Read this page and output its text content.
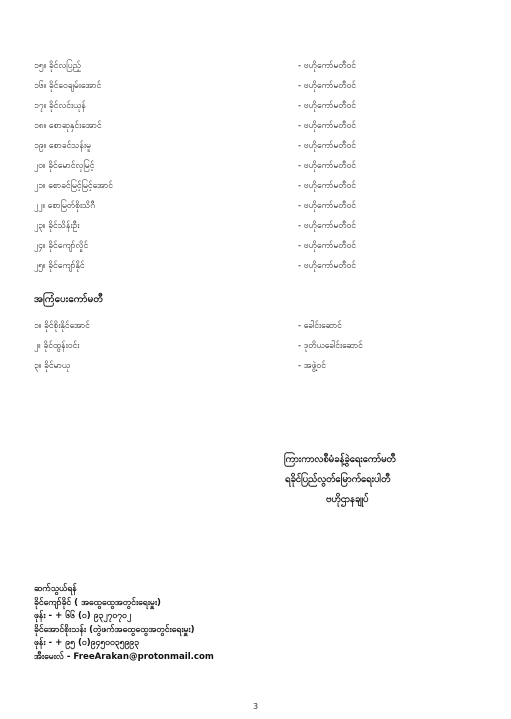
၁၅။ ခိုင်လပြည့်	- ဗဟိုကော်မတီဝင်
၁၆။ ခိုင်ဝေချမ်းအောင်	- ဗဟိုကော်မတီဝင်
၁၇။ ခိုင်လင်းယုန်	- ဗဟိုကော်မတီဝင်
၁၈။ စောဆုနှင်းအောင်	- ဗဟိုကော်မတီဝင်
၁၉။ စောခင်သန်းမူ	- ဗဟိုကော်မတီဝင်
၂၀။ ခိုင်မောင်လှမြင့်	- ဗဟိုကော်မတီဝင်
၂၁။ စောခင်မြင့်မြင့်အောင်	- ဗဟိုကော်မတီဝင်
၂၂။ စောမြတ်စိုးသိဂီ	- ဗဟိုကော်မတီဝင်
၂၃။ ခိုင်သိန်းဦး	- ဗဟိုကော်မတီဝင်
၂၄။ ခိုင်ကျော်လှိုင်	- ဗဟိုကော်မတီဝင်
၂၅။ ခိုင်ကျော်နိုင်	- ဗဟိုကော်မတီဝင်
အကြံပေးကော်မတီ
၁။ ခိုင်စိုးနိုင်အောင်	- ခေါင်းဆောင်
၂။ ခိုင်ထွန်းဝင်း	- ဒုတိယခေါင်းဆောင်
၃။ ခိုင်မာယု	- အဖွဲ့ဝင်
ကြားကာလစီမံခန့်ခွဲရေးကော်မတီ
ရခိုင်ပြည်လွတ်မြောက်ရေးပါတီ
ဗဟိုဌာနချုပ်
ဆက်သွယ်ရန်
ခိုင်ကျော်ခိုင် ( အထွေထွေအတွင်းရေးမှူး)
ဖုန်း - + ၆၆ (၀) ၉၃၂၇၀၇၀၂
ခိုင်အောင်စိုးသန်း (တွဲဖက်အထွေထွေအတွင်းရေးမှူး)
ဖုန်း - + ၉၅ (၀)၉၄၅၀၀၃၅၉၉၃
အီးမေးလ် - FreeArakan@protonmail.com
3
